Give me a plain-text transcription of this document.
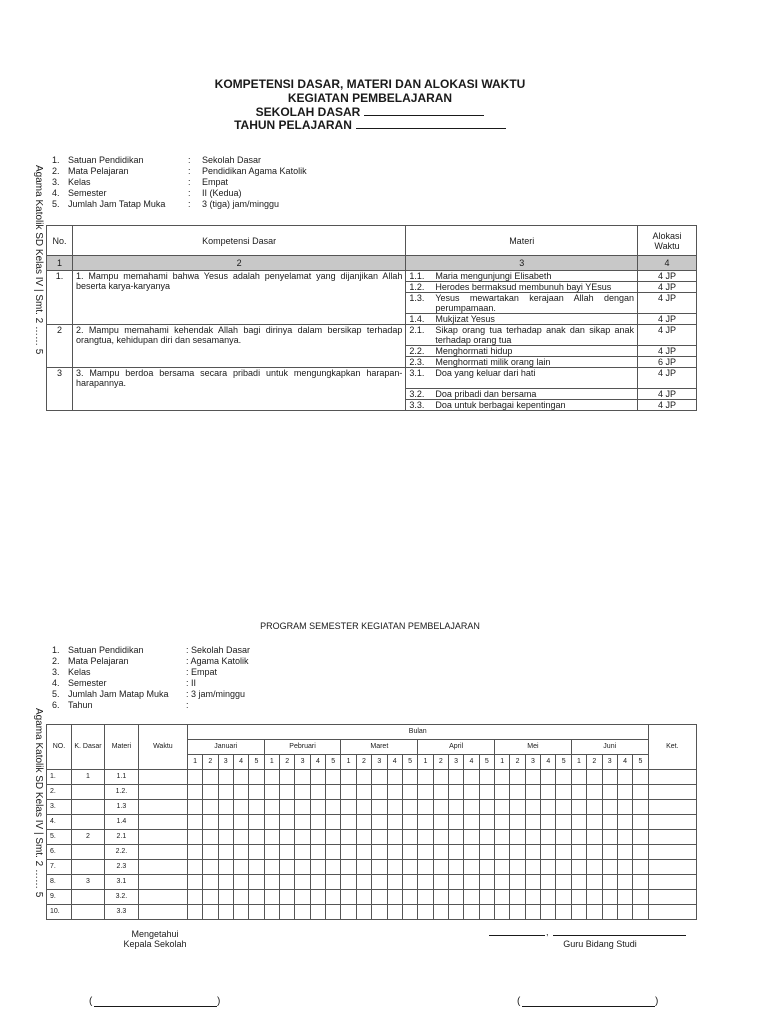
KOMPETENSI DASAR, MATERI DAN ALOKASI WAKTU
KEGIATAN PEMBELAJARAN
SEKOLAH DASAR
TAHUN PELAJARAN
Agama Katolik SD Kelas IV | Smt. 2 …… 5
Agama Katolik SD Kelas IV | Smt. 2 …… 5
1. Satuan Pendidikan	:	Sekolah Dasar
2. Mata Pelajaran	:	Pendidikan Agama Katolik
3. Kelas	:	Empat
4. Semester	:	II (Kedua)
5. Jumlah Jam Tatap Muka	:	3 (tiga) jam/minggu
No.	Kompetensi Dasar	Materi	Alokasi Waktu
1	2	3	4
1.	1. Mampu memahami bahwa Yesus adalah penyelamat yang dijanjikan Allah beserta karya-karyanya	1.1. Maria mengunjungi Elisabeth	4 JP

		1.2. Herodes bermaksud membunuh bayi YEsus	4 JP

		1.3. Yesus mewartakan kerajaan Allah dengan perumpamaan.	4 JP

		1.4. Mukjizat Yesus	4 JP
2	2. Mampu memahami kehendak Allah bagi dirinya dalam bersikap terhadap orangtua, kehidupan diri dan sesamanya.	2.1. Sikap orang tua terhadap anak dan sikap anak terhadap orang tua	4 JP

		2.2. Menghormati hidup	4 JP

		2.3. Menghormati milik orang lain	6 JP
3	3. Mampu berdoa bersama secara pribadi untuk mengungkapkan harapan-harapannya.	3.1. Doa yang keluar dari hati	4 JP

		3.2. Doa pribadi dan bersama	4 JP

		3.3. Doa untuk berbagai kepentingan	4 JP
PROGRAM SEMESTER KEGIATAN PEMBELAJARAN
1. Satuan Pendidikan	: Sekolah Dasar
2. Mata Pelajaran	: Agama Katolik
3. Kelas	: Empat
4. Semester	: II
5. Jumlah Jam Matap Muka	: 3 jam/minggu
6. Tahun	:
NO.	K. Dasar	Materi	Waktu	Bulan																														Ket.
				Januari					Pebruari					Maret					April					Mei					Juni					
				1	2	3	4	5	1	2	3	4	5	1	2	3	4	5	1	2	3	4	5	1	2	3	4	5	1	2	3	4	5	
1.	1	1.1																																
2.		1.2.																																
3.		1.3																																
4.		1.4																																
5.	2	2.1																																
6.		2.2.																																
7.		2.3																																
8.	3	3.1																																
9.		3.2.																																
10.		3.3																																
Mengetahui
Kepala Sekolah
,
Guru Bidang Studi
(	)	(	)
